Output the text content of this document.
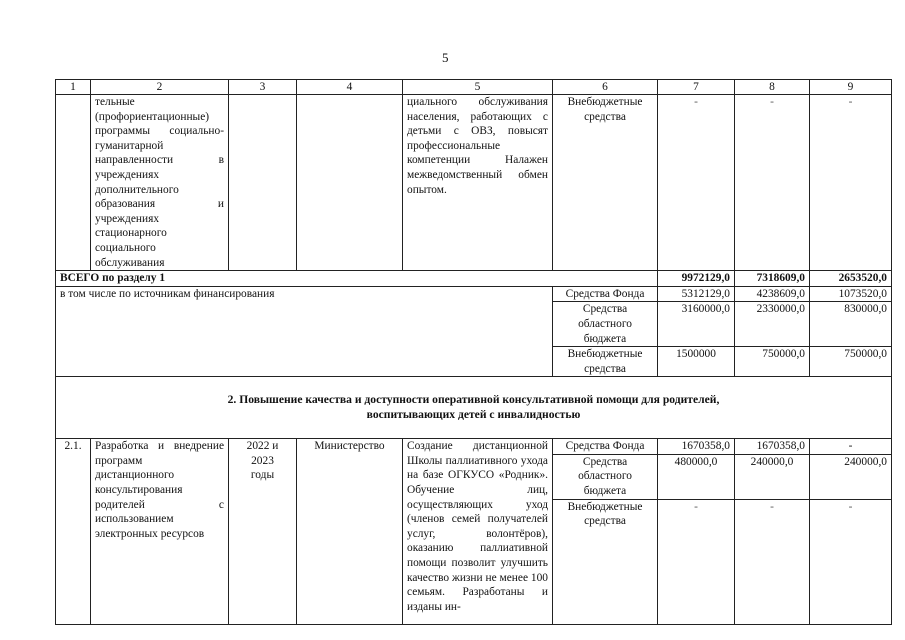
5
1	2	3	4	5	6	7	8	9
	тельные (профориентационные) программы социально-гуманитарной направленности в учреждениях дополнительного образования и учреждениях стационарного социального обслуживания			циального обслуживания населения, работающих с детьми с ОВЗ, повысят профессиональные компетенции Налажен межведомственный обмен опытом.	Внебюджетные средства	-	-	-
ВСЕГО по разделу 1						9972129,0	7318609,0	2653520,0
в том числе по источникам финансирования					Средства Фонда	5312129,0	4238609,0	1073520,0
					Средства областного бюджета	3160000,0	2330000,0	830000,0
					Внебюджетные средства	1500000	750000,0	750000,0

2. Повышение качества и доступности оперативной консультативной помощи для родителей,
воспитывающих детей с инвалидностью								

2.1.	Разработка и внедрение программ дистанционного консультирования родителей с использованием электронных ресурсов	2022 и 2023 годы	Министерство	Создание дистанционной Школы паллиативного ухода на базе ОГКУСО «Родник». Обучение лиц, осуществляющих уход (членов семей получателей услуг, волонтёров), оказанию паллиативной помощи позволит улучшить качество жизни не менее 100 семьям. Разработаны и изданы ин-	Средства Фонда	1670358,0	1670358,0	-
					Средства областного бюджета	480000,0	240000,0	240000,0
					Внебюджетные средства	-	-	-
